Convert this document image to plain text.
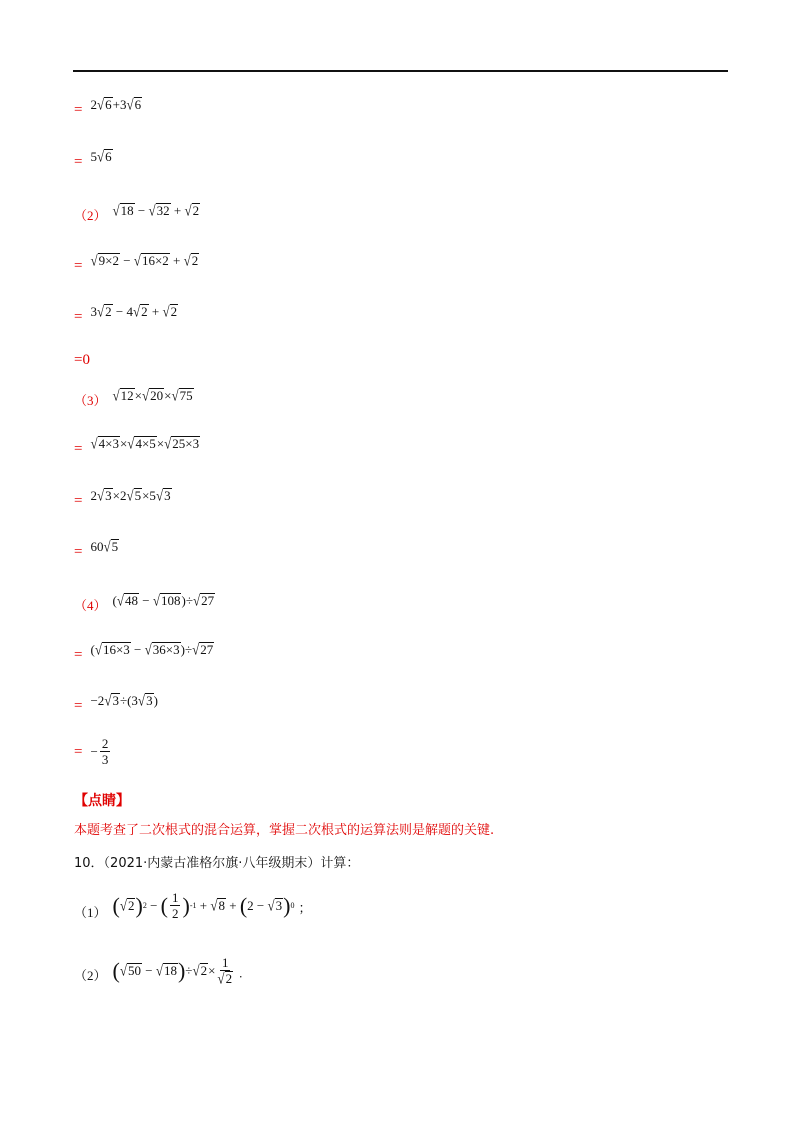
= 2 √6 +3 √6
= 5 √6
$_{(2)}$ √18 − √32 + √2
= √9×2 − √16×2 + √2
= 3 √2 − 4 √2 + √2
=0
$_{(3)}$ √12 × √20 × √75
= √4×3 × √4×5 × √25×3
= 2 √3 ×2 √5 ×5 √3
= 60 √5
$_{(4)}$ ( √48 − √108 )÷ √27
= ( √16×3 − √36×3 )÷ √27
= −2 √3 ÷(3 √3 )
= − $\frac{2}{3}$
【点睛】
本题考查了二次根式的混合运算，掌握二次根式的运算法则是解题的关键.
10．（2021·内蒙古准格尔旗·八年级期末）计算：
$_{(1)}$ ( √2 ) 2 − ( $\frac{1}{2}$ ) -1 + √8 + ( 2 − √3 ) 0 ；
（2） ( √50 − √18 ) ÷ $√2 \times \frac{1}{√2}$ .
